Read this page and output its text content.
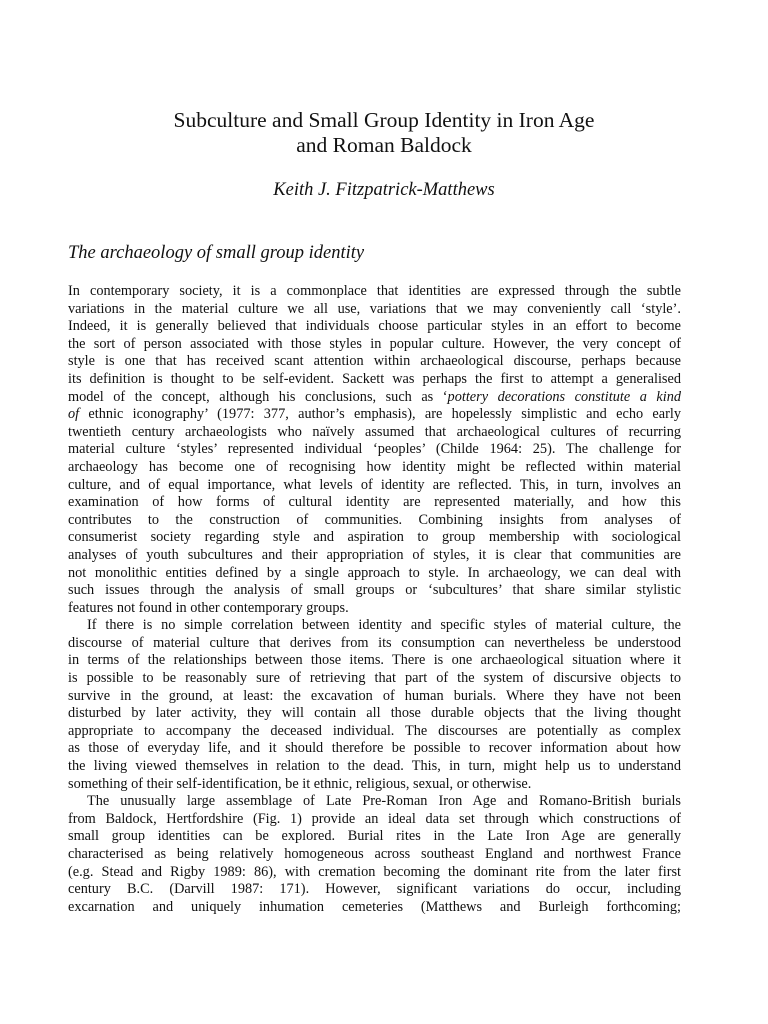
Subculture and Small Group Identity in Iron Age
and Roman Baldock
Keith J. Fitzpatrick-Matthews
The archaeology of small group identity
In contemporary society, it is a commonplace that identities are expressed through the subtle
variations in the material culture we all use, variations that we may conveniently call ‘style’.
Indeed, it is generally believed that individuals choose particular styles in an effort to become
the sort of person associated with those styles in popular culture. However, the very concept of
style is one that has received scant attention within archaeological discourse, perhaps because
its definition is thought to be self-evident. Sackett was perhaps the first to attempt a generalised
model of the concept, although his conclusions, such as ‘pottery decorations constitute a kind
of ethnic iconography’ (1977: 377, author’s emphasis), are hopelessly simplistic and echo early
twentieth century archaeologists who naïvely assumed that archaeological cultures of recurring
material culture ‘styles’ represented individual ‘peoples’ (Childe 1964: 25). The challenge for
archaeology has become one of recognising how identity might be reflected within material
culture, and of equal importance, what levels of identity are reflected. This, in turn, involves an
examination of how forms of cultural identity are represented materially, and how this
contributes to the construction of communities. Combining insights from analyses of
consumerist society regarding style and aspiration to group membership with sociological
analyses of youth subcultures and their appropriation of styles, it is clear that communities are
not monolithic entities defined by a single approach to style. In archaeology, we can deal with
such issues through the analysis of small groups or ‘subcultures’ that share similar stylistic
features not found in other contemporary groups.
If there is no simple correlation between identity and specific styles of material culture, the
discourse of material culture that derives from its consumption can nevertheless be understood
in terms of the relationships between those items. There is one archaeological situation where it
is possible to be reasonably sure of retrieving that part of the system of discursive objects to
survive in the ground, at least: the excavation of human burials. Where they have not been
disturbed by later activity, they will contain all those durable objects that the living thought
appropriate to accompany the deceased individual. The discourses are potentially as complex
as those of everyday life, and it should therefore be possible to recover information about how
the living viewed themselves in relation to the dead. This, in turn, might help us to understand
something of their self-identification, be it ethnic, religious, sexual, or otherwise.
The unusually large assemblage of Late Pre-Roman Iron Age and Romano-British burials
from Baldock, Hertfordshire (Fig. 1) provide an ideal data set through which constructions of
small group identities can be explored. Burial rites in the Late Iron Age are generally
characterised as being relatively homogeneous across southeast England and northwest France
(e.g. Stead and Rigby 1989: 86), with cremation becoming the dominant rite from the later first
century B.C. (Darvill 1987: 171). However, significant variations do occur, including
excarnation and uniquely inhumation cemeteries (Matthews and Burleigh forthcoming;
